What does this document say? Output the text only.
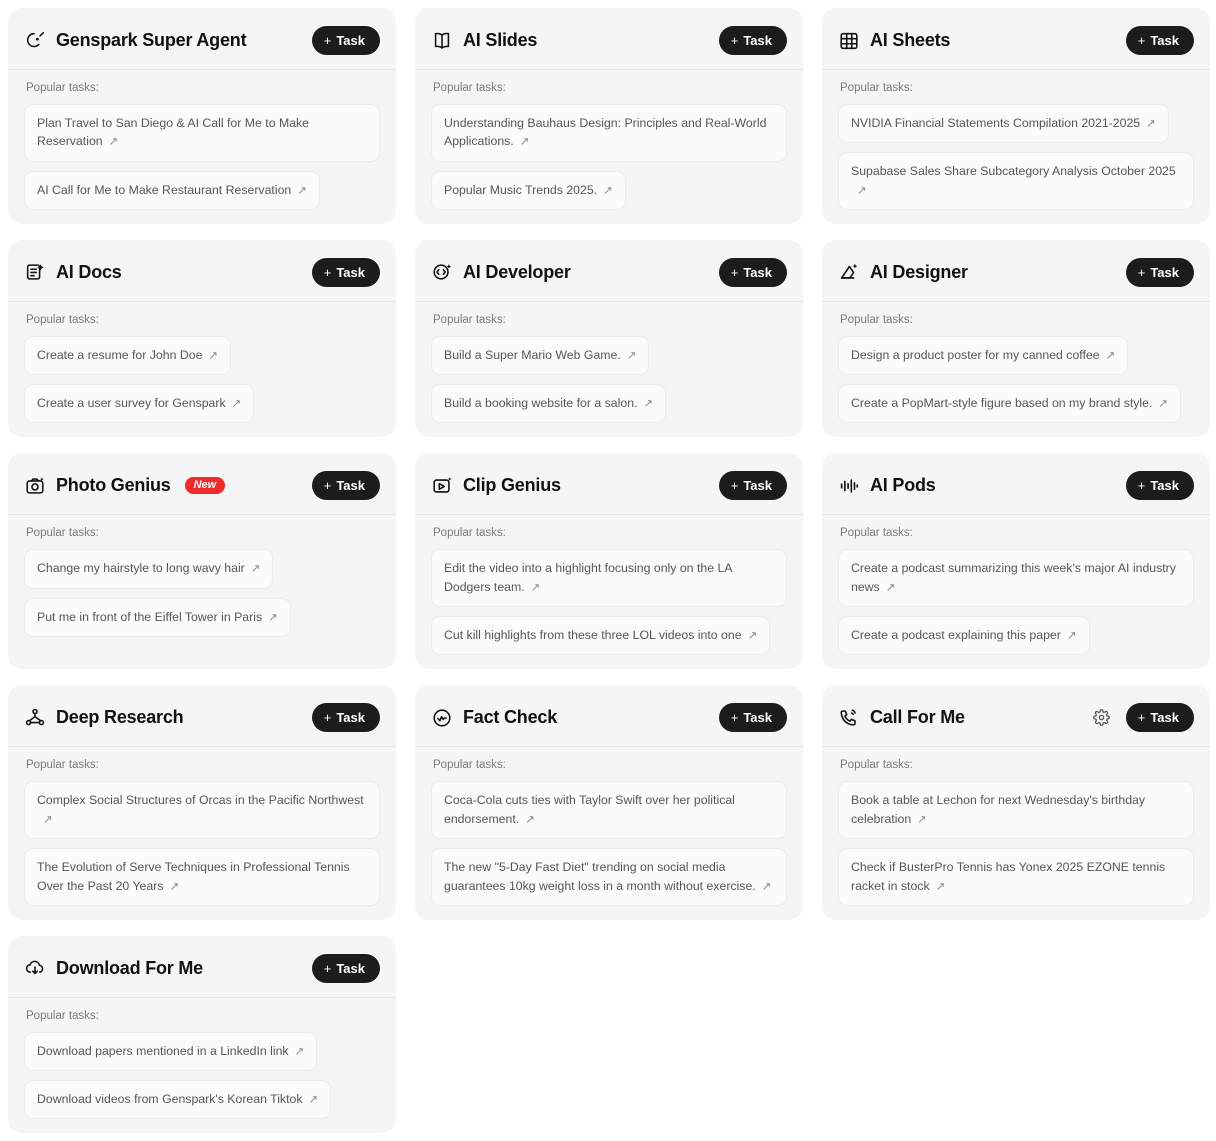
Genspark Super Agent	+ Task
Popular tasks:
Plan Travel to San Diego & AI Call for Me to Make Reservation ↗
AI Call for Me to Make Restaurant Reservation ↗
AI Slides	+ Task
Popular tasks:
Understanding Bauhaus Design: Principles and Real-World Applications. ↗
Popular Music Trends 2025. ↗
AI Sheets	+ Task
Popular tasks:
NVIDIA Financial Statements Compilation 2021-2025 ↗
Supabase Sales Share Subcategory Analysis October 2025↗
AI Docs	+ Task
Popular tasks:
Create a resume for John Doe ↗
Create a user survey for Genspark ↗
AI Developer	+ Task
Popular tasks:
Build a Super Mario Web Game. ↗
Build a booking website for a salon. ↗
AI Designer	+ Task
Popular tasks:
Design a product poster for my canned coffee ↗
Create a PopMart-style figure based on my brand style. ↗
Photo Genius	New	+ Task
Popular tasks:
Change my hairstyle to long wavy hair ↗
Put me in front of the Eiffel Tower in Paris ↗
Clip Genius	+ Task
Popular tasks:
Edit the video into a highlight focusing only on the LA Dodgers team. ↗
Cut kill highlights from these three LOL videos into one ↗
AI Pods	+ Task
Popular tasks:
Create a podcast summarizing this week's major AI industry news ↗
Create a podcast explaining this paper ↗
Deep Research	+ Task
Popular tasks:
Complex Social Structures of Orcas in the Pacific Northwest↗
The Evolution of Serve Techniques in Professional Tennis Over the Past 20 Years ↗
Fact Check	+ Task
Popular tasks:
Coca-Cola cuts ties with Taylor Swift over her political endorsement. ↗
The new "5-Day Fast Diet" trending on social media guarantees 10kg weight loss in a month without exercise. ↗
Call For Me	+ Task
Popular tasks:
Book a table at Lechon for next Wednesday's birthday celebration ↗
Check if BusterPro Tennis has Yonex 2025 EZONE tennis racket in stock ↗
Download For Me	+ Task
Popular tasks:
Download papers mentioned in a LinkedIn link ↗
Download videos from Genspark's Korean Tiktok ↗
